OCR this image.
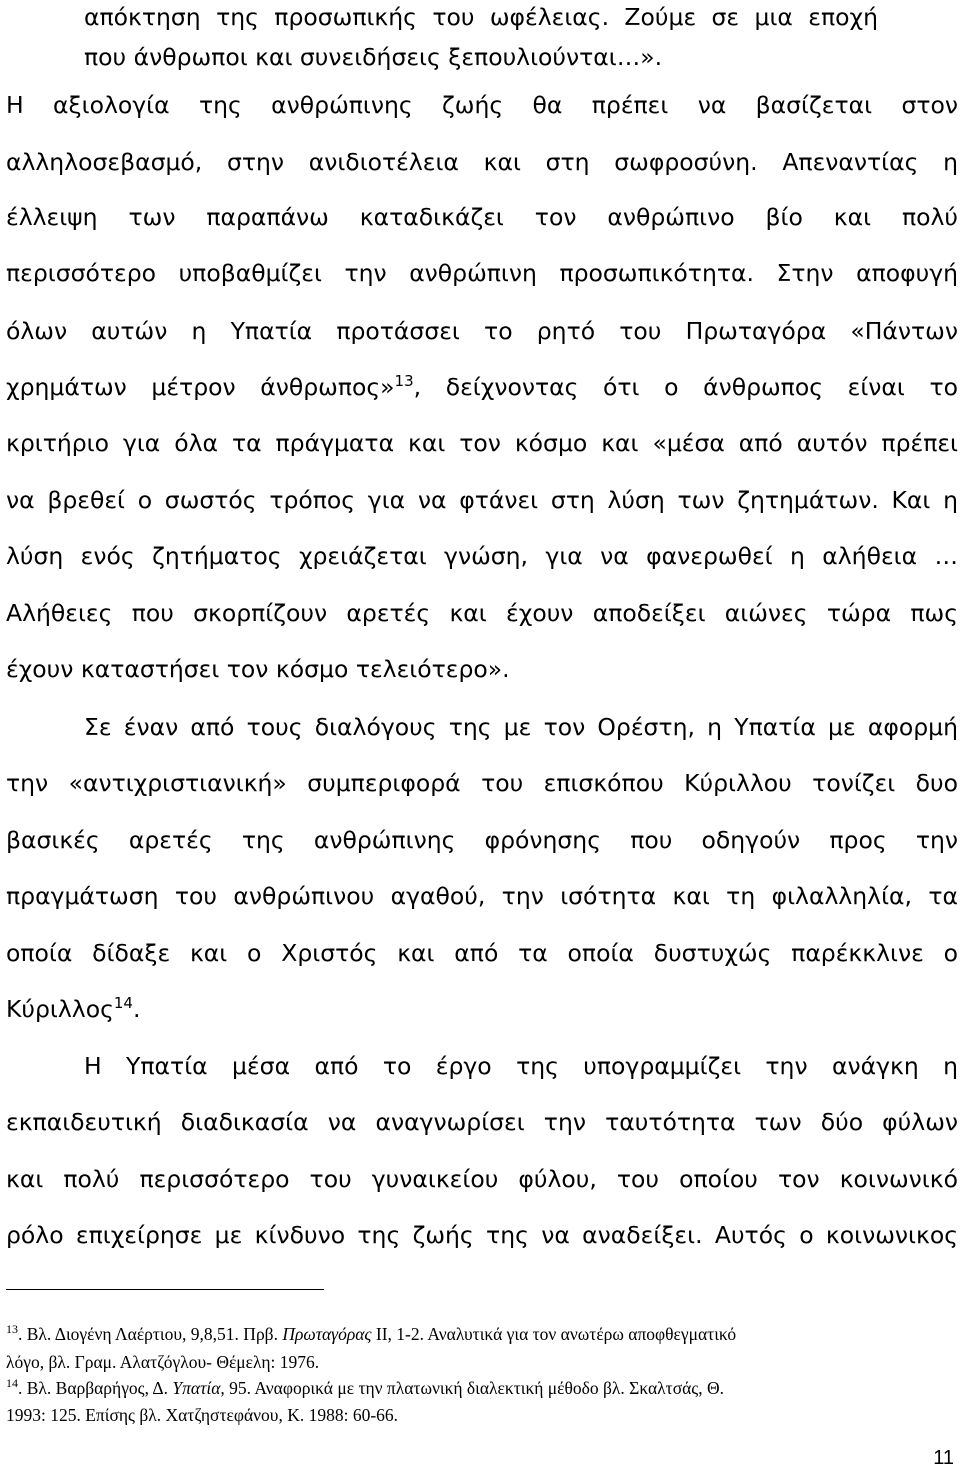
απόκτηση της προσωπικής του ωφέλειας. Ζούμε σε μια εποχή
που άνθρωποι και συνειδήσεις ξεπουλιούνται…».
Η αξιολογία της ανθρώπινης ζωής θα πρέπει να βασίζεται στον
αλληλοσεβασμό, στην ανιδιοτέλεια και στη σωφροσύνη. Απεναντίας η
έλλειψη των παραπάνω καταδικάζει τον ανθρώπινο βίο και πολύ
περισσότερο υποβαθμίζει την ανθρώπινη προσωπικότητα. Στην αποφυγή
όλων αυτών η Υπατία προτάσσει το ρητό του Πρωταγόρα «Πάντων
χρημάτων μέτρον άνθρωπος»$^{13}$, δείχνοντας ότι ο άνθρωπος είναι το
κριτήριο για όλα τα πράγματα και τον κόσμο και «μέσα από αυτόν πρέπει
να βρεθεί ο σωστός τρόπος για να φτάνει στη λύση των ζητημάτων. Και η
λύση ενός ζητήματος χρειάζεται γνώση, για να φανερωθεί η αλήθεια …
Αλήθειες που σκορπίζουν αρετές και έχουν αποδείξει αιώνες τώρα πως
έχουν καταστήσει τον κόσμο τελειότερο».
Σε έναν από τους διαλόγους της με τον Ορέστη, η Υπατία με αφορμή
την «αντιχριστιανική» συμπεριφορά του επισκόπου Κύριλλου τονίζει δυο
βασικές αρετές της ανθρώπινης φρόνησης που οδηγούν προς την
πραγμάτωση του ανθρώπινου αγαθού, την ισότητα και τη φιλαλληλία, τα
οποία δίδαξε και ο Χριστός και από τα οποία δυστυχώς παρέκκλινε ο
Κύριλλος$^{14}$.
Η Υπατία μέσα από το έργο της υπογραμμίζει την ανάγκη η
εκπαιδευτική διαδικασία να αναγνωρίσει την ταυτότητα των δύο φύλων
και πολύ περισσότερο του γυναικείου φύλου, του οποίου τον κοινωνικό
ρόλο επιχείρησε με κίνδυνο της ζωής της να αναδείξει. Αυτός ο κοινωνικος
$^{13}$. Βλ. Διογένη Λαέρτιου, 9,8,51. Πρβ. Πρωταγόρας ΙΙ, 1-2. Αναλυτικά για τον ανωτέρω αποφθεγματικό
λόγο, βλ. Γραμ. Αλατζόγλου- Θέμελη: 1976.
$^{14}$. Βλ. Βαρβαρήγος, Δ. Υπατία, 95. Αναφορικά με την πλατωνική διαλεκτική μέθοδο βλ. Σκαλτσάς, Θ.
1993: 125. Επίσης βλ. Χατζηστεφάνου, Κ. 1988: 60-66.
11
